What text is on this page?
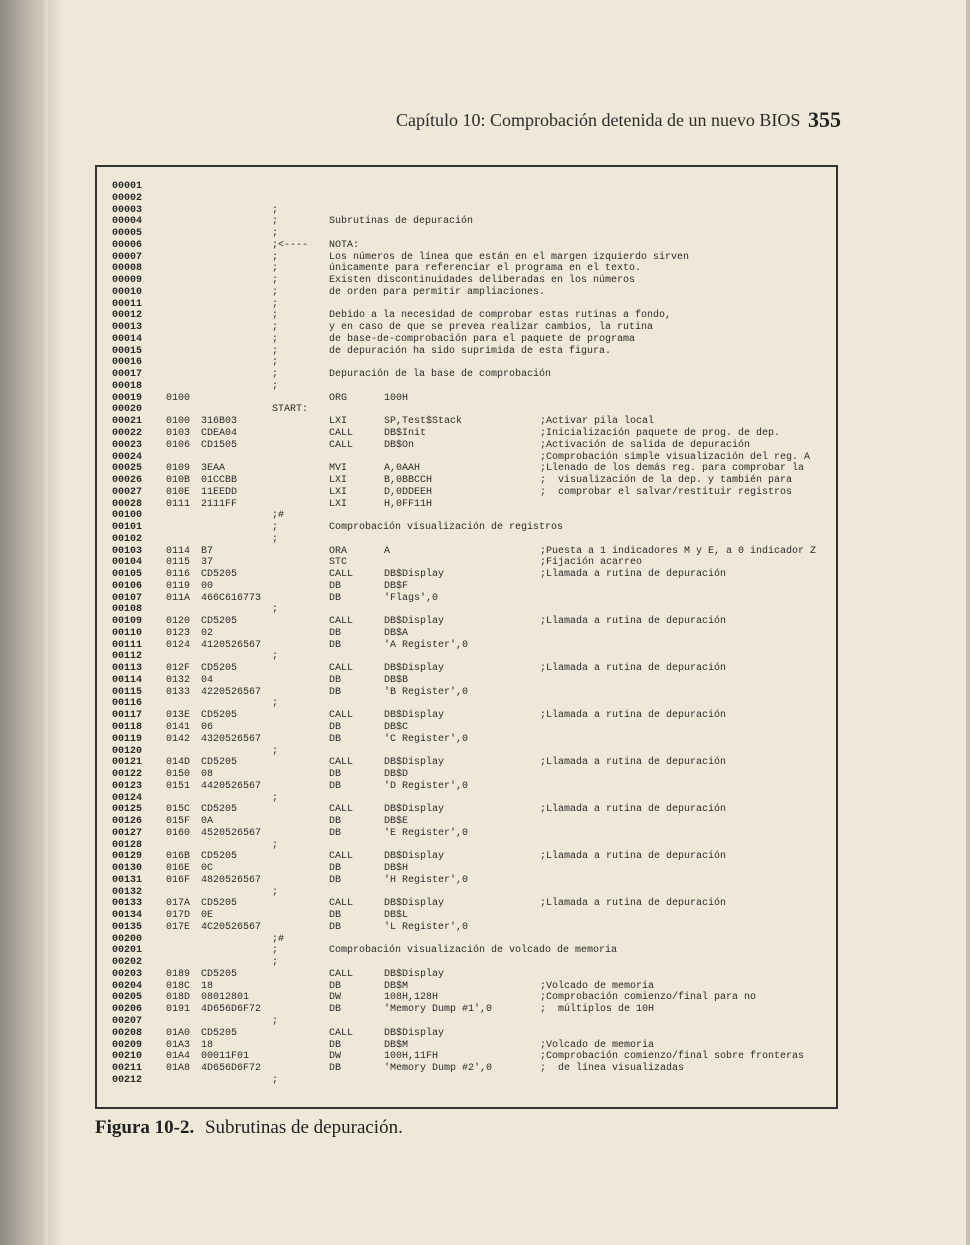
Capítulo 10: Comprobación detenida de un nuevo BIOS 355
00001
00002
00003	;
00004	;	Subrutinas de depuración
00005	;
00006	;<---- NOTA:
00007	;	Los números de línea que están en el margen izquierdo sirven
00008	;	únicamente para referenciar el programa en el texto.
00009	;	Existen discontinuidades deliberadas en los números
00010	;	de orden para permitir ampliaciones.
00011	;
00012	;	Debido a la necesidad de comprobar estas rutinas a fondo,
00013	;	y en caso de que se prevea realizar cambios, la rutina
00014	;	de base-de-comprobación para el paquete de programa
00015	;	de depuración ha sido suprimida de esta figura.
00016	;
00017	;	Depuración de la base de comprobación
00018	;
00019 0100	ORG	100H
00020	START:
00021 0100 316B03	LXI	SP,Test$Stack	;Activar pila local
00022 0103 CDEA04	CALL	DB$Init	;Inicialización paquete de prog. de dep.
00023 0106 CD1505	CALL	DB$On	;Activación de salida de depuración
00024	;Comprobación simple visualización del reg. A
00025 0109 3EAA	MVI	A,0AAH	;Llenado de los demás reg. para comprobar la
00026 010B 01CCBB	LXI	B,0BBCCH	;  visualización de la dep. y también para
00027 010E 11EEDD	LXI	D,0DDEEH	;  comprobar el salvar/restituir registros
00028 0111 2111FF	LXI	H,0FF11H
00100	;#
00101	;	Comprobación visualización de registros
00102	;
00103 0114 B7	ORA	A	;Puesta a 1 indicadores M y E, a 0 indicador Z
00104 0115 37	STC	;Fijación acarreo
00105 0116 CD5205	CALL	DB$Display	;Llamada a rutina de depuración
00106 0119 00	DB	DB$F
00107 011A 466C616773	DB	'Flags',0
00108	;
00109 0120 CD5205	CALL	DB$Display	;Llamada a rutina de depuración
00110 0123 02	DB	DB$A
00111 0124 4120526567	DB	'A Register',0
00112	;
00113 012F CD5205	CALL	DB$Display	;Llamada a rutina de depuración
00114 0132 04	DB	DB$B
00115 0133 4220526567	DB	'B Register',0
00116	;
00117 013E CD5205	CALL	DB$Display	;Llamada a rutina de depuración
00118 0141 06	DB	DB$C
00119 0142 4320526567	DB	'C Register',0
00120	;
00121 014D CD5205	CALL	DB$Display	;Llamada a rutina de depuración
00122 0150 08	DB	DB$D
00123 0151 4420526567	DB	'D Register',0
00124	;
00125 015C CD5205	CALL	DB$Display	;Llamada a rutina de depuración
00126 015F 0A	DB	DB$E
00127 0160 4520526567	DB	'E Register',0
00128	;
00129 016B CD5205	CALL	DB$Display	;Llamada a rutina de depuración
00130 016E 0C	DB	DB$H
00131 016F 4820526567	DB	'H Register',0
00132	;
00133 017A CD5205	CALL	DB$Display	;Llamada a rutina de depuración
00134 017D 0E	DB	DB$L
00135 017E 4C20526567	DB	'L Register',0
00200	;#
00201	;	Comprobación visualización de volcado de memoria
00202	;
00203 0189 CD5205	CALL	DB$Display
00204 018C 18	DB	DB$M	;Volcado de memoria
00205 018D 08012801	DW	108H,128H	;Comprobación comienzo/final para no
00206 0191 4D656D6F72	DB	'Memory Dump #1',0	;  múltiplos de 10H
00207	;
00208 01A0 CD5205	CALL	DB$Display
00209 01A3 18	DB	DB$M	;Volcado de memoria
00210 01A4 00011F01	DW	100H,11FH	;Comprobación comienzo/final sobre fronteras
00211 01A8 4D656D6F72	DB	'Memory Dump #2',0	;  de línea visualizadas
00212	;
Figura 10-2. Subrutinas de depuración.
